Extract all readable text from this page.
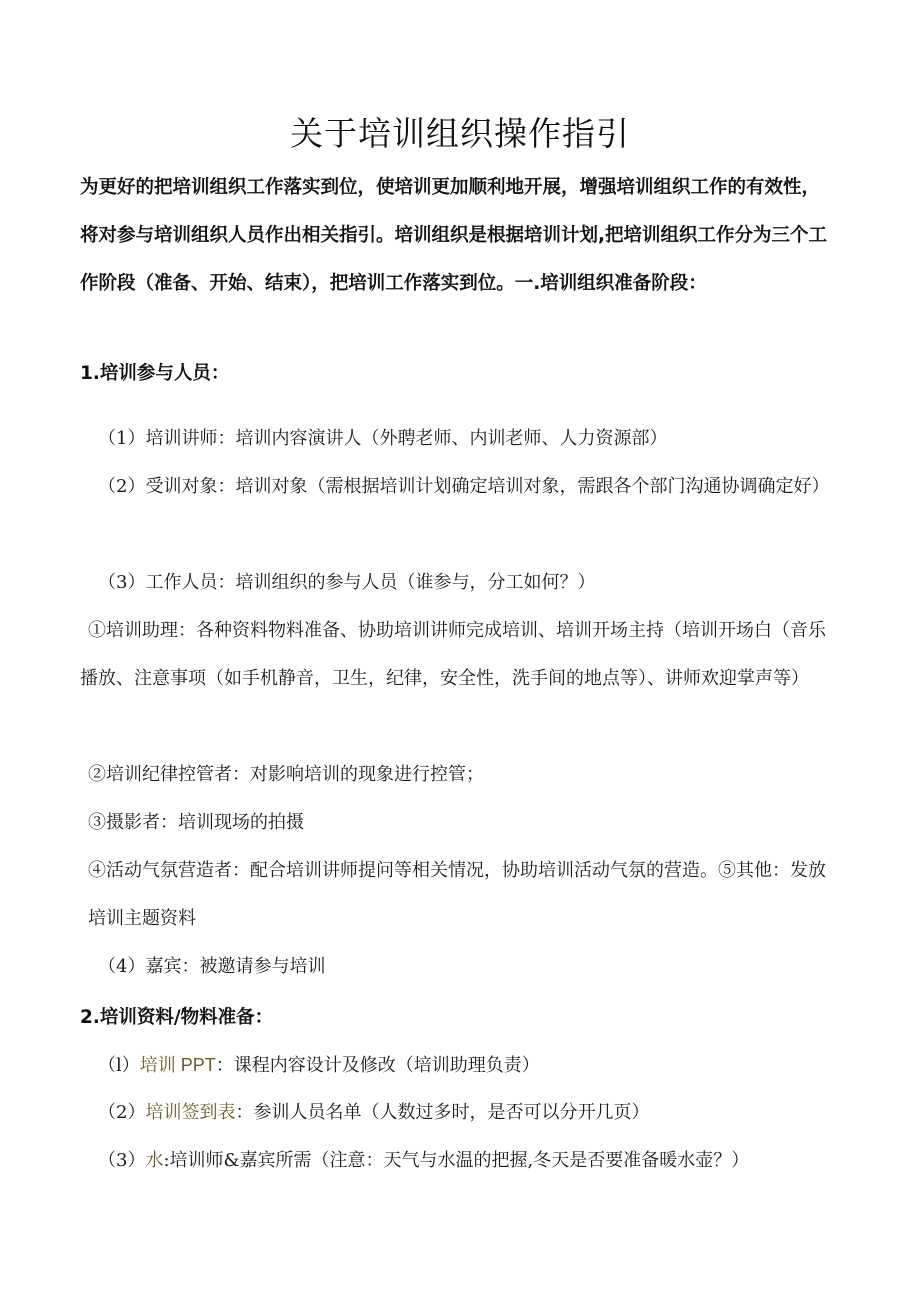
关于培训组织操作指引
为更好的把培训组织工作落实到位，使培训更加顺利地开展，增强培训组织工作的有效性，将对参与培训组织人员作出相关指引。培训组织是根据培训计划,把培训组织工作分为三个工作阶段（准备、开始、结束），把培训工作落实到位。一.培训组织准备阶段：
1.培训参与人员：
（1）培训讲师：培训内容演讲人（外聘老师、内训老师、人力资源部）
（2）受训对象：培训对象（需根据培训计划确定培训对象，需跟各个部门沟通协调确定好）
（3）工作人员：培训组织的参与人员（谁参与，分工如何？）
①培训助理：各种资料物料准备、协助培训讲师完成培训、培训开场主持（培训开场白（音乐播放、注意事项（如手机静音，卫生，纪律，安全性，洗手间的地点等）、讲师欢迎掌声等）
②培训纪律控管者：对影响培训的现象进行控管；
③摄影者：培训现场的拍摄
④活动气氛营造者：配合培训讲师提问等相关情况，协助培训活动气氛的营造。⑤其他：发放培训主题资料
（4）嘉宾：被邀请参与培训
2.培训资料/物料准备：
（l）培训 PPT：课程内容设计及修改（培训助理负责）
（2）培训签到表：参训人员名单（人数过多时，是否可以分开几页）
（3）水:培训师&嘉宾所需（注意：天气与水温的把握,冬天是否要准备暖水壶？）
